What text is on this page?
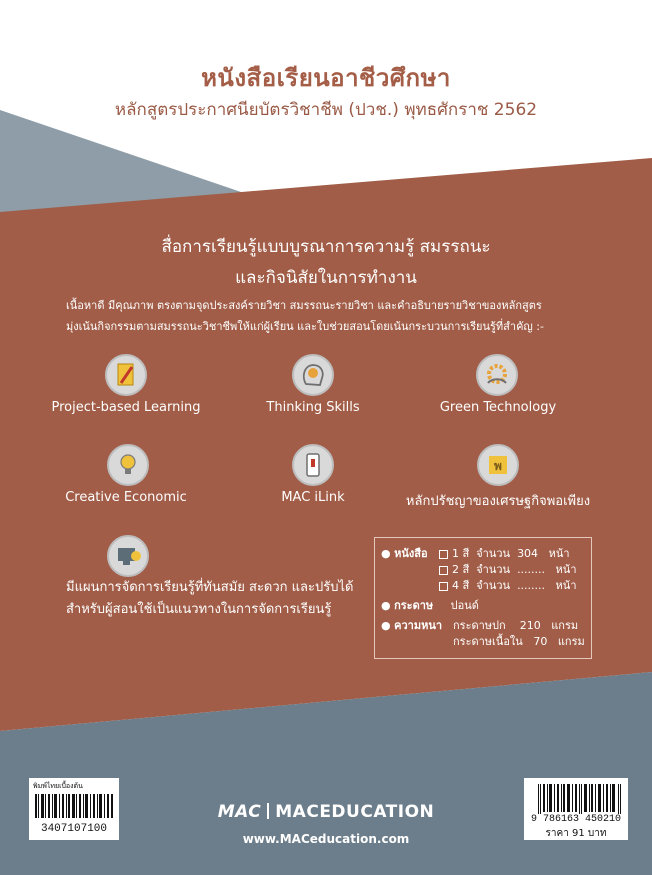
หนังสือเรียนอาชีวศึกษา
หลักสูตรประกาศนียบัตรวิชาชีพ (ปวช.) พุทธศักราช 2562
สื่อการเรียนรู้แบบบูรณาการความรู้ สมรรถนะ
และกิจนิสัยในการทำงาน
เนื้อหาดี มีคุณภาพ ตรงตามจุดประสงค์รายวิชา สมรรถนะรายวิชา และคำอธิบายรายวิชาของหลักสูตร
มุ่งเน้นกิจกรรมตามสมรรถนะวิชาชีพให้แก่ผู้เรียน และใบช่วยสอนโดยเน้นกระบวนการเรียนรู้ที่สำคัญ :-
Project-based Learning	Thinking Skills	Green Technology
Creative Economic	MAC iLink
พ
หลักปรัชญาของเศรษฐกิจพอเพียง
มีแผนการจัดการเรียนรู้ที่ทันสมัย สะดวก และปรับได้
สำหรับผู้สอนใช้เป็นแนวทางในการจัดการเรียนรู้
● หนังสือ	1 สี จำนวน 304 หน้า
2 สี จำนวน ........ หน้า
4 สี จำนวน ........ หน้า
● กระดาษ ปอนด์
● ความหนา กระดาษปก 210 แกรม
กระดาษเนื้อใน 70 แกรม
พิมพ์ไทยเบื้องต้น
3407107100
9 786163 450210
ราคา 91 บาท
MAC MACEDUCATION
www.MACeducation.com
